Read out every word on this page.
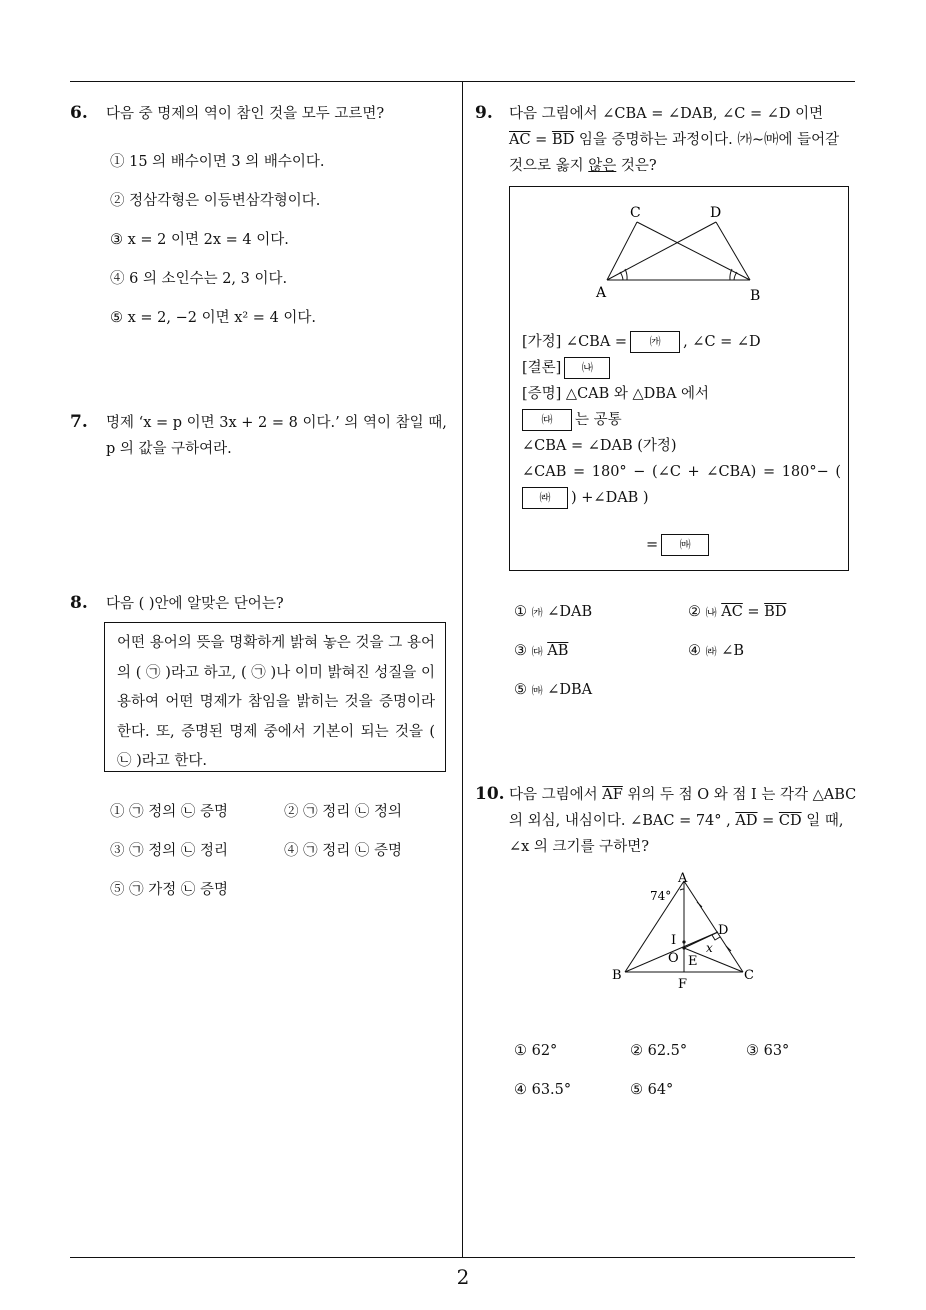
2
6. 다음 중 명제의 역이 참인 것을 모두 고르면?
① 15 의 배수이면 3 의 배수이다.
② 정삼각형은 이등변삼각형이다.
③ x = 2 이면 2x = 4 이다.
④ 6 의 소인수는 2, 3 이다.
⑤ x = 2, −2 이면 x² = 4 이다.
7. 명제 ‘x = p 이면 3x + 2 = 8 이다.’ 의 역이 참일 때,
p 의 값을 구하여라.
8. 다음 ( )안에 알맞은 단어는?
어떤 용어의 뜻을 명확하게 밝혀 놓은 것을 그 용어의 ( ㉠ )라고 하고, ( ㉠ )나 이미 밝혀진 성질을 이용하여 어떤 명제가 참임을 밝히는 것을 증명이라 한다. 또, 증명된 명제 중에서 기본이 되는 것을 ( ㉡ )라고 한다.
① ㉠ 정의 ㉡ 증명	② ㉠ 정리 ㉡ 정의
③ ㉠ 정의 ㉡ 정리	④ ㉠ 정리 ㉡ 증명
⑤ ㉠ 가정 ㉡ 증명
9. 다음 그림에서 ∠CBA = ∠DAB, ∠C = ∠D 이면
$\overline{AC} = \overline{BD}$ 임을 증명하는 과정이다. ㈎∼㈒에 들어갈
것으로 옳지 않은 것은?
C	D
A	B
[가정] ∠CBA = ㈎ , ∠C = ∠D
[결론] ㈏
[증명] △CAB 와 △DBA 에서
㈐ 는 공통
∠CBA = ∠DAB (가정)
∠CAB = 180° − (∠C + ∠CBA) = 180°− (
㈑ ) +∠DAB )
= ㈒
① ㈎ ∠DAB	② ㈏ $\overline{AC} = \overline{BD}$
③ ㈐ $\overline{AB}$	④ ㈑ ∠B
⑤ ㈒ ∠DBA
10. 다음 그림에서 $\overline{AF}$ 위의 두 점 O 와 점 I 는 각각 △ABC
의 외심, 내심이다. ∠BAC = 74° , $\overline{AD} = \overline{CD}$ 일 때,
∠x 의 크기를 구하면?
A
74°
D
I x
O E
B	C
F
① 62°	② 62.5°	③ 63°
④ 63.5°	⑤ 64°
